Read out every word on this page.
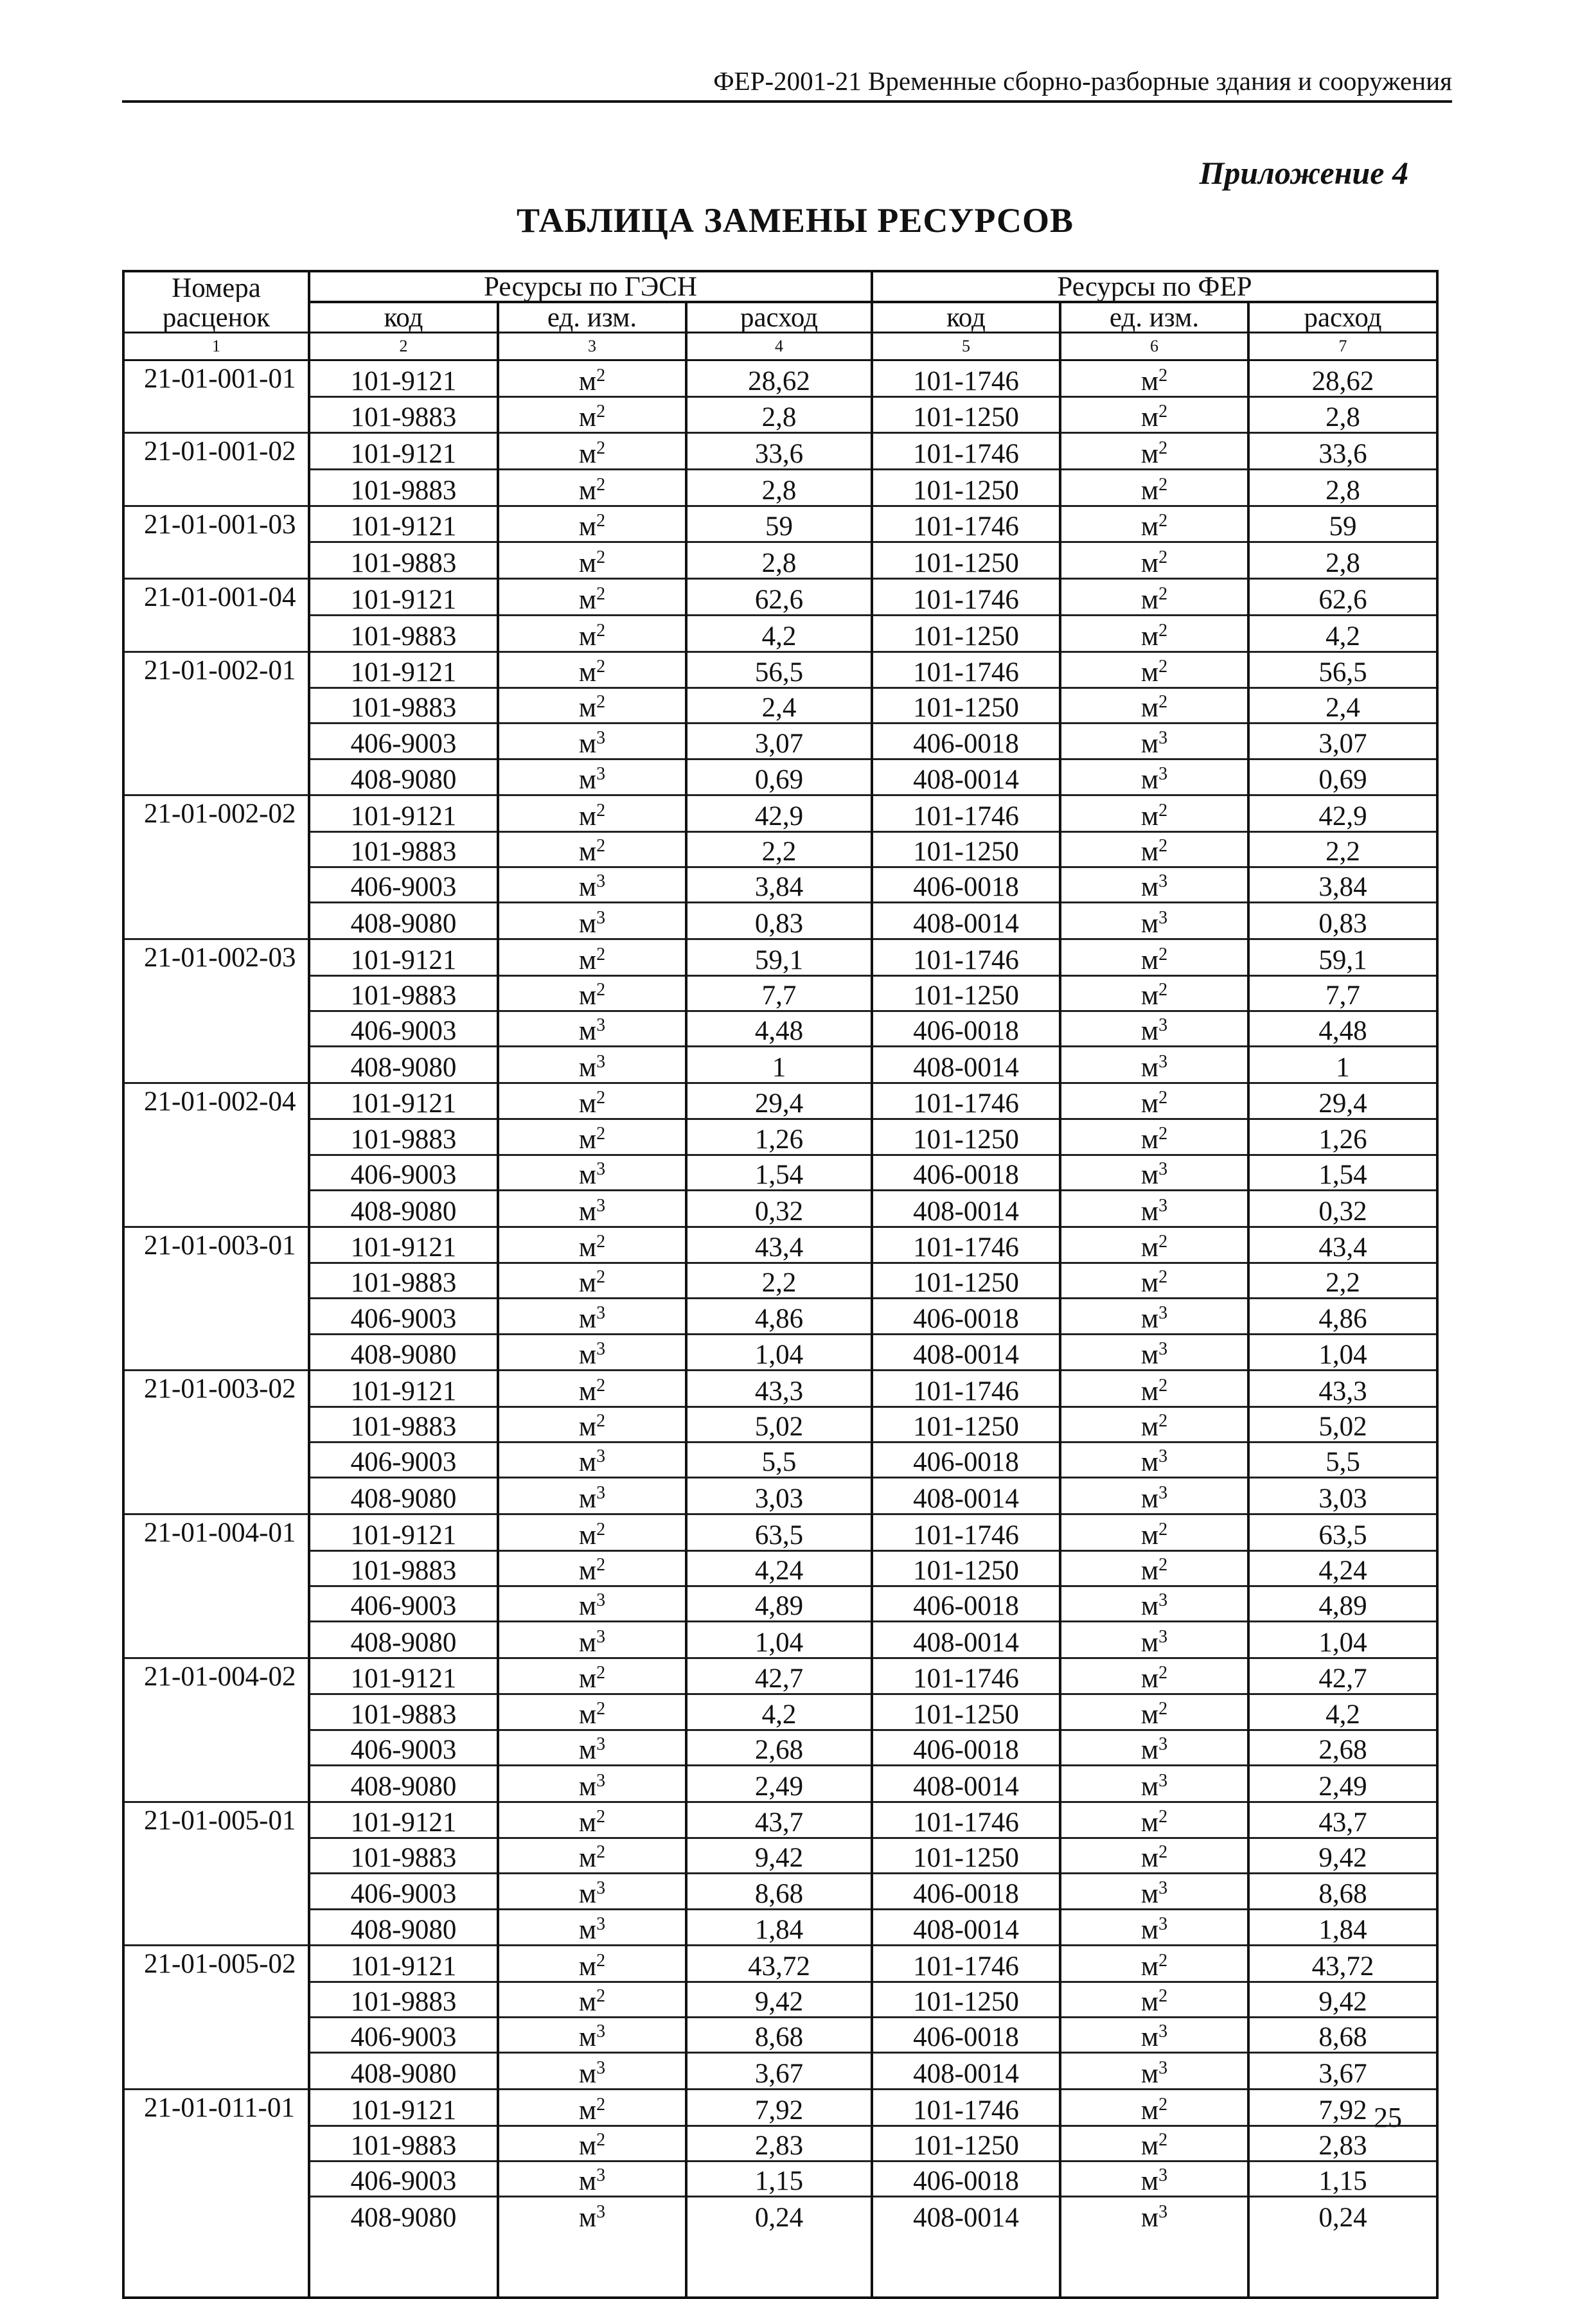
ФЕР-2001-21 Временные сборно-разборные здания и сооружения
Приложение 4
ТАБЛИЦА ЗАМЕНЫ РЕСУРСОВ
Номера	Ресурсы по ГЭСН			Ресурсы по ФЕР		
расценок	код	ед. изм.	расход	код	ед. изм.	расход
1	2	3	4	5	6	7
21-01-001-01	101-9121	$м^2$	28,62	101-1746	$м^2$	28,62
	101-9883	$м^2$	2,8	101-1250	$м^2$	2,8
21-01-001-02	101-9121	$м^2$	33,6	101-1746	$м^2$	33,6
	101-9883	$м^2$	2,8	101-1250	$м^2$	2,8
21-01-001-03	101-9121	$м^2$	59	101-1746	$м^2$	59
	101-9883	$м^2$	2,8	101-1250	$м^2$	2,8
21-01-001-04	101-9121	$м^2$	62,6	101-1746	$м^2$	62,6
	101-9883	$м^2$	4,2	101-1250	$м^2$	4,2
21-01-002-01	101-9121	$м^2$	56,5	101-1746	$м^2$	56,5
	101-9883	$м^2$	2,4	101-1250	$м^2$	2,4
	406-9003	$м^3$	3,07	406-0018	$м^3$	3,07
	408-9080	$м^3$	0,69	408-0014	$м^3$	0,69
21-01-002-02	101-9121	$м^2$	42,9	101-1746	$м^2$	42,9
	101-9883	$м^2$	2,2	101-1250	$м^2$	2,2
	406-9003	$м^3$	3,84	406-0018	$м^3$	3,84
	408-9080	$м^3$	0,83	408-0014	$м^3$	0,83
21-01-002-03	101-9121	$м^2$	59,1	101-1746	$м^2$	59,1
	101-9883	$м^2$	7,7	101-1250	$м^2$	7,7
	406-9003	$м^3$	4,48	406-0018	$м^3$	4,48
	408-9080	$м^3$	1	408-0014	$м^3$	1
21-01-002-04	101-9121	$м^2$	29,4	101-1746	$м^2$	29,4
	101-9883	$м^2$	1,26	101-1250	$м^2$	1,26
	406-9003	$м^3$	1,54	406-0018	$м^3$	1,54
	408-9080	$м^3$	0,32	408-0014	$м^3$	0,32
21-01-003-01	101-9121	$м^2$	43,4	101-1746	$м^2$	43,4
	101-9883	$м^2$	2,2	101-1250	$м^2$	2,2
	406-9003	$м^3$	4,86	406-0018	$м^3$	4,86
	408-9080	$м^3$	1,04	408-0014	$м^3$	1,04
21-01-003-02	101-9121	$м^2$	43,3	101-1746	$м^2$	43,3
	101-9883	$м^2$	5,02	101-1250	$м^2$	5,02
	406-9003	$м^3$	5,5	406-0018	$м^3$	5,5
	408-9080	$м^3$	3,03	408-0014	$м^3$	3,03
21-01-004-01	101-9121	$м^2$	63,5	101-1746	$м^2$	63,5
	101-9883	$м^2$	4,24	101-1250	$м^2$	4,24
	406-9003	$м^3$	4,89	406-0018	$м^3$	4,89
	408-9080	$м^3$	1,04	408-0014	$м^3$	1,04
21-01-004-02	101-9121	$м^2$	42,7	101-1746	$м^2$	42,7
	101-9883	$м^2$	4,2	101-1250	$м^2$	4,2
	406-9003	$м^3$	2,68	406-0018	$м^3$	2,68
	408-9080	$м^3$	2,49	408-0014	$м^3$	2,49
21-01-005-01	101-9121	$м^2$	43,7	101-1746	$м^2$	43,7
	101-9883	$м^2$	9,42	101-1250	$м^2$	9,42
	406-9003	$м^3$	8,68	406-0018	$м^3$	8,68
	408-9080	$м^3$	1,84	408-0014	$м^3$	1,84
21-01-005-02	101-9121	$м^2$	43,72	101-1746	$м^2$	43,72
	101-9883	$м^2$	9,42	101-1250	$м^2$	9,42
	406-9003	$м^3$	8,68	406-0018	$м^3$	8,68
	408-9080	$м^3$	3,67	408-0014	$м^3$	3,67
21-01-011-01	101-9121	$м^2$	7,92	101-1746	$м^2$	7,92
	101-9883	$м^2$	2,83	101-1250	$м^2$	2,83
	406-9003	$м^3$	1,15	406-0018	$м^3$	1,15
	408-9080	$м^3$	0,24	408-0014	$м^3$	0,24

25
